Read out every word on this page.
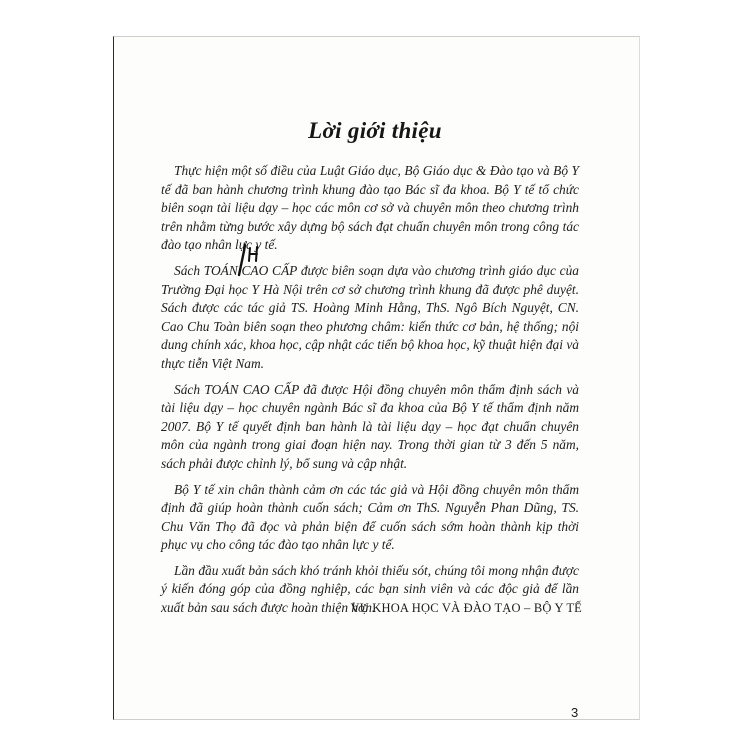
Lời giới thiệu

Thực hiện một số điều của Luật Giáo dục, Bộ Giáo dục & Đào tạo và Bộ Y tế đã ban hành chương trình khung đào tạo Bác sĩ đa khoa. Bộ Y tế tổ chức biên soạn tài liệu dạy – học các môn cơ sở và chuyên môn theo chương trình trên nhằm từng bước xây dựng bộ sách đạt chuẩn chuyên môn trong công tác đào tạo nhân lực y tế.

Sách TOÁN CAO CẤP được biên soạn dựa vào chương trình giáo dục của Trường Đại học Y Hà Nội trên cơ sở chương trình khung đã được phê duyệt. Sách được các tác giả TS. Hoàng Minh Hằng, ThS. Ngô Bích Nguyệt, CN. Cao Chu Toàn biên soạn theo phương châm: kiến thức cơ bản, hệ thống; nội dung chính xác, khoa học, cập nhật các tiến bộ khoa học, kỹ thuật hiện đại và thực tiễn Việt Nam.

Sách TOÁN CAO CẤP đã được Hội đồng chuyên môn thẩm định sách và tài liệu dạy – học chuyên ngành Bác sĩ đa khoa của Bộ Y tế thẩm định năm 2007. Bộ Y tế quyết định ban hành là tài liệu dạy – học đạt chuẩn chuyên môn của ngành trong giai đoạn hiện nay. Trong thời gian từ 3 đến 5 năm, sách phải được chỉnh lý, bổ sung và cập nhật.

Bộ Y tế xin chân thành cảm ơn các tác giả và Hội đồng chuyên môn thẩm định đã giúp hoàn thành cuốn sách; Cảm ơn ThS. Nguyễn Phan Dũng, TS. Chu Văn Thọ đã đọc và phản biện để cuốn sách sớm hoàn thành kịp thời phục vụ cho công tác đào tạo nhân lực y tế.

Lần đầu xuất bản sách khó tránh khỏi thiếu sót, chúng tôi mong nhận được ý kiến đóng góp của đồng nghiệp, các bạn sinh viên và các độc giả để lần xuất bản sau sách được hoàn thiện hơn.

VỤ KHOA HỌC VÀ ĐÀO TẠO – BỘ Y TẾ
3
